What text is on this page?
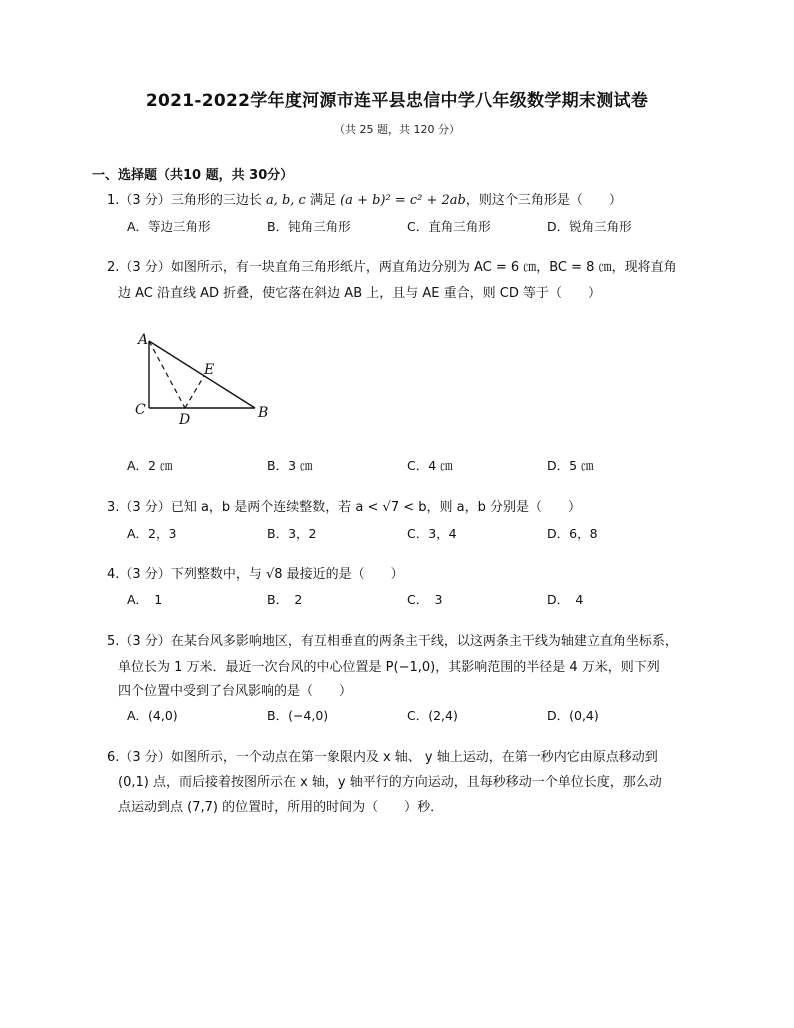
2021-2022学年度河源市连平县忠信中学八年级数学期末测试卷
（共 25 题，共 120 分）
一、选择题（共10 题，共 30分）
1.（3 分）三角形的三边长 a, b, c 满足 (a + b)² = c² + 2ab，则这个三角形是（　　）
A．等边三角形	B．钝角三角形	C．直角三角形	D．锐角三角形
2.（3 分）如图所示，有一块直角三角形纸片，两直角边分别为 AC = 6 ㎝，BC = 8 ㎝，现将直角
边 AC 沿直线 AD 折叠，使它落在斜边 AB 上，且与 AE 重合，则 CD 等于（　　）
A
E
C
D	B
A．2 ㎝	B．3 ㎝	C．4 ㎝	D．5 ㎝
3.（3 分）已知 a，b 是两个连续整数，若 a < √7 < b，则 a，b 分别是（　　）
A．2，3	B．3，2	C．3，4	D．6，8
4.（3 分）下列整数中，与 √8 最接近的是（　　）
A．　1	B．　2	C．　3	D．　4
5.（3 分）在某台风多影响地区，有互相垂直的两条主干线，以这两条主干线为轴建立直角坐标系，
单位长为 1 万米．最近一次台风的中心位置是 P(−1,0)，其影响范围的半径是 4 万米，则下列
四个位置中受到了台风影响的是（　　）
A．(4,0)	B．(−4,0)	C．(2,4)	D．(0,4)
6.（3 分）如图所示，一个动点在第一象限内及 x 轴、 y 轴上运动，在第一秒内它由原点移动到
(0,1) 点，而后接着按图所示在 x 轴，y 轴平行的方向运动，且每秒移动一个单位长度，那么动
点运动到点 (7,7) 的位置时，所用的时间为（　　）秒．
